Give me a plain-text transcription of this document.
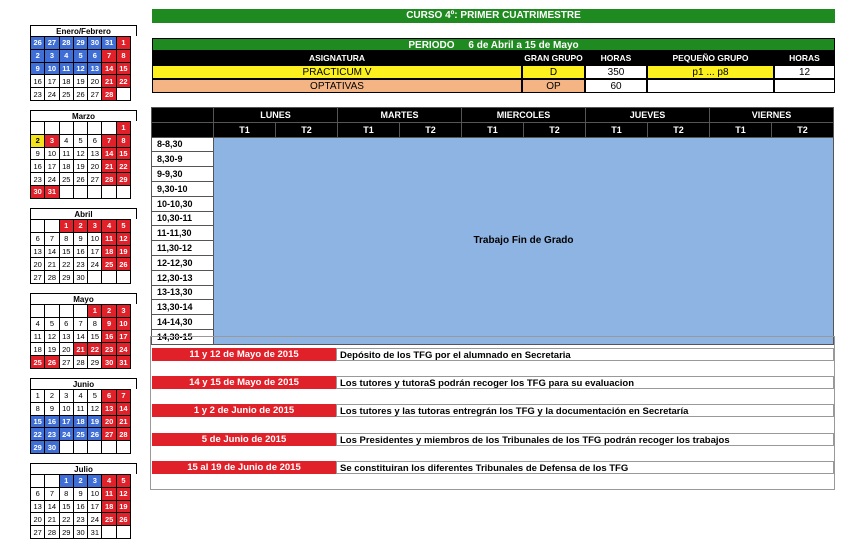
CURSO 4º: PRIMER CUATRIMESTRE
PERIODO 6 de Abril a 15 de Mayo
ASIGNATURA	GRAN GRUPO	HORAS	PEQUEÑO GRUPO	HORAS
PRACTICUM V	D	350	p1 ... p8	12
OPTATIVAS	OP	60
	LUNES		MARTES		MIERCOLES		JUEVES		VIERNES	
	T1	T2	T1	T2	T1	T2	T1	T2	T1	T2
8-8,30	Trabajo Fin de Grado									
8,30-9										
9-9,30										
9,30-10										
10-10,30										
10,30-11										
11-11,30										
11,30-12										
12-12,30										
12,30-13										
13-13,30										
13,30-14										
14-14,30										
14,30-15										
11 y 12 de Mayo de 2015	Depósito de los TFG por el alumnado en Secretaria
14 y 15 de Mayo de 2015	Los tutores y tutoraS podrán recoger los TFG para su evaluacion
1 y 2 de Junio de 2015	Los tutores y las tutoras entregrán los TFG y la documentación en Secretaría
5 de Junio de 2015	Los Presidentes y miembros de los Tribunales de los TFG podrán recoger los trabajos
15 al 19 de Junio de 2015	Se constituiran los diferentes Tribunales de Defensa de los TFG
Enero/Febrero
26	27	28	29	30	31	1
2	3	4	5	6	7	8
9	10	11	12	13	14	15
16	17	18	19	20	21	22
23	24	25	26	27	28	
Marzo
						1
2	3	4	5	6	7	8
9	10	11	12	13	14	15
16	17	18	19	20	21	22
23	24	25	26	27	28	29
30	31					
Abril
		1	2	3	4	5
6	7	8	9	10	11	12
13	14	15	16	17	18	19
20	21	22	23	24	25	26
27	28	29	30			
Mayo
				1	2	3
4	5	6	7	8	9	10
11	12	13	14	15	16	17
18	19	20	21	22	23	24
25	26	27	28	29	30	31
Junio
1	2	3	4	5	6	7
8	9	10	11	12	13	14
15	16	17	18	19	20	21
22	23	24	25	26	27	28
29	30					
Julio
		1	2	3	4	5
6	7	8	9	10	11	12
13	14	15	16	17	18	19
20	21	22	23	24	25	26
27	28	29	30	31		
